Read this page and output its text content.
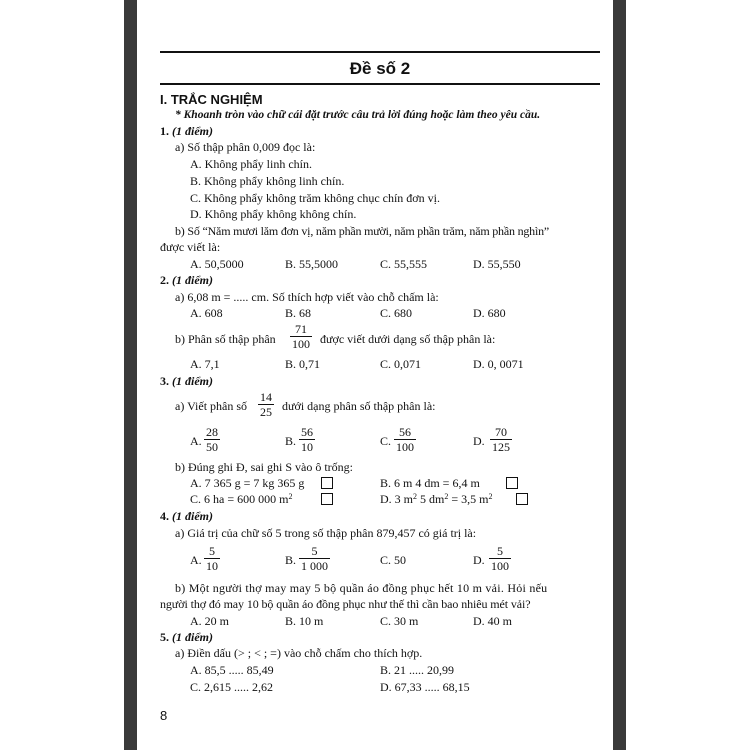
Đề số 2
I. TRẮC NGHIỆM
* Khoanh tròn vào chữ cái đặt trước câu trả lời đúng hoặc làm theo yêu cầu.
1. (1 điểm)
a) Số thập phân 0,009 đọc là:
A. Không phẩy linh chín.
B. Không phẩy không linh chín.
C. Không phẩy không trăm không chục chín đơn vị.
D. Không phẩy không không chín.
b) Số “Năm mươi lăm đơn vị, năm phần mười, năm phần trăm, năm phần nghìn”
được viết là:
A. 50,5000	B. 55,5000	C. 55,555	D. 55,550
2. (1 điểm)
a) 6,08 m = ..... cm. Số thích hợp viết vào chỗ chấm là:
A. 608	B. 68	C. 680	D. 680
b) Phân số thập phân $\frac{71}{100}$ được viết dưới dạng số thập phân là:
A. 7,1	B. 0,71	C. 0,071	D. 0, 0071
3. (1 điểm)
a) Viết phân số $\frac{14}{25}$ dưới dạng phân số thập phân là:
A. $\frac{28}{50}$	B. $\frac{56}{10}$	C. $\frac{56}{100}$	D. $\frac{70}{125}$
b) Đúng ghi Đ, sai ghi S vào ô trống:
A. 7 365 g = 7 kg 365 g	B. 6 m 4 dm = 6,4 m
C. 6 ha = 600 000 $m^2$	D. 3 $m^2$ 5 $dm^2 = 3,5$ $m^2$
4. (1 điểm)
a) Giá trị của chữ số 5 trong số thập phân 879,457 có giá trị là:
A. $\frac{5}{10}$	B. $\frac{5}{1 000}$	C. 50	D. $\frac{5}{100}$
b) Một người thợ may may 5 bộ quần áo đồng phục hết 10 m vải. Hỏi nếu
người thợ đó may 10 bộ quần áo đồng phục như thế thì cần bao nhiêu mét vải?
A. 20 m	B. 10 m	C. 30 m	D. 40 m
5. (1 điểm)
a) Điền dấu (> ; < ; =) vào chỗ chấm cho thích hợp.
A. 85,5 ..... 85,49	B. 21 ..... 20,99
C. 2,615 ..... 2,62	D. 67,33 ..... 68,15
8
